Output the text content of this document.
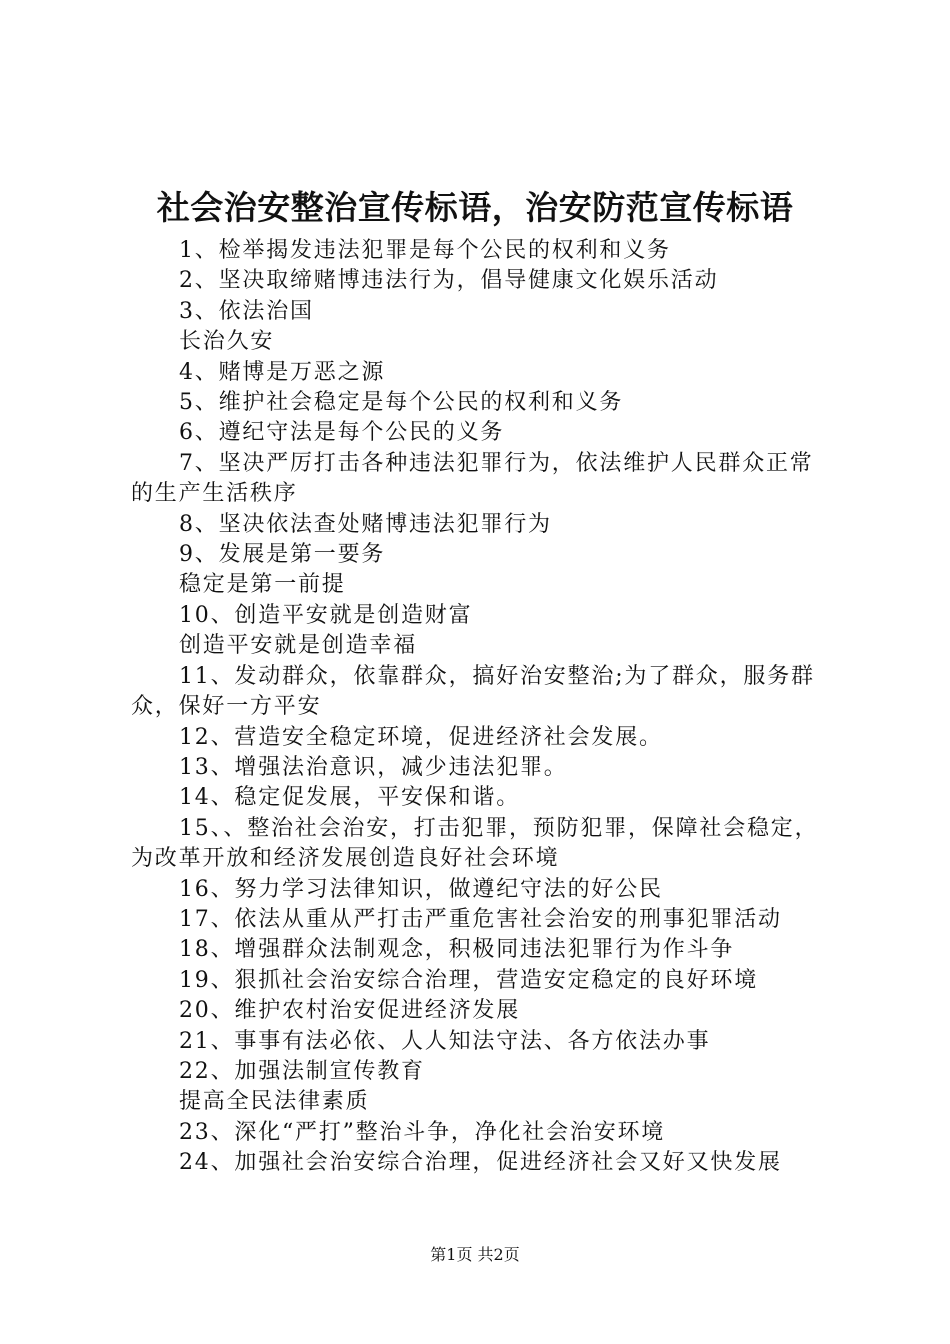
社会治安整治宣传标语，治安防范宣传标语

1、检举揭发违法犯罪是每个公民的权利和义务

2、坚决取缔赌博违法行为，倡导健康文化娱乐活动

3、依法治国

长治久安

4、赌博是万恶之源

5、维护社会稳定是每个公民的权利和义务

6、遵纪守法是每个公民的义务

7、坚决严厉打击各种违法犯罪行为，依法维护人民群众正常的生产生活秩序

8、坚决依法查处赌博违法犯罪行为

9、发展是第一要务

稳定是第一前提

10、创造平安就是创造财富

创造平安就是创造幸福

11、发动群众，依靠群众，搞好治安整治;为了群众，服务群众，保好一方平安

12、营造安全稳定环境，促进经济社会发展。

13、增强法治意识，减少违法犯罪。

14、稳定促发展，平安保和谐。

15、、整治社会治安，打击犯罪，预防犯罪，保障社会稳定，为改革开放和经济发展创造良好社会环境

16、努力学习法律知识，做遵纪守法的好公民

17、依法从重从严打击严重危害社会治安的刑事犯罪活动

18、增强群众法制观念，积极同违法犯罪行为作斗争

19、狠抓社会治安综合治理，营造安定稳定的良好环境

20、维护农村治安促进经济发展

21、事事有法必依、人人知法守法、各方依法办事

22、加强法制宣传教育

提高全民法律素质

23、深化“严打”整治斗争，净化社会治安环境

24、加强社会治安综合治理，促进经济社会又好又快发展

第1页 共2页
